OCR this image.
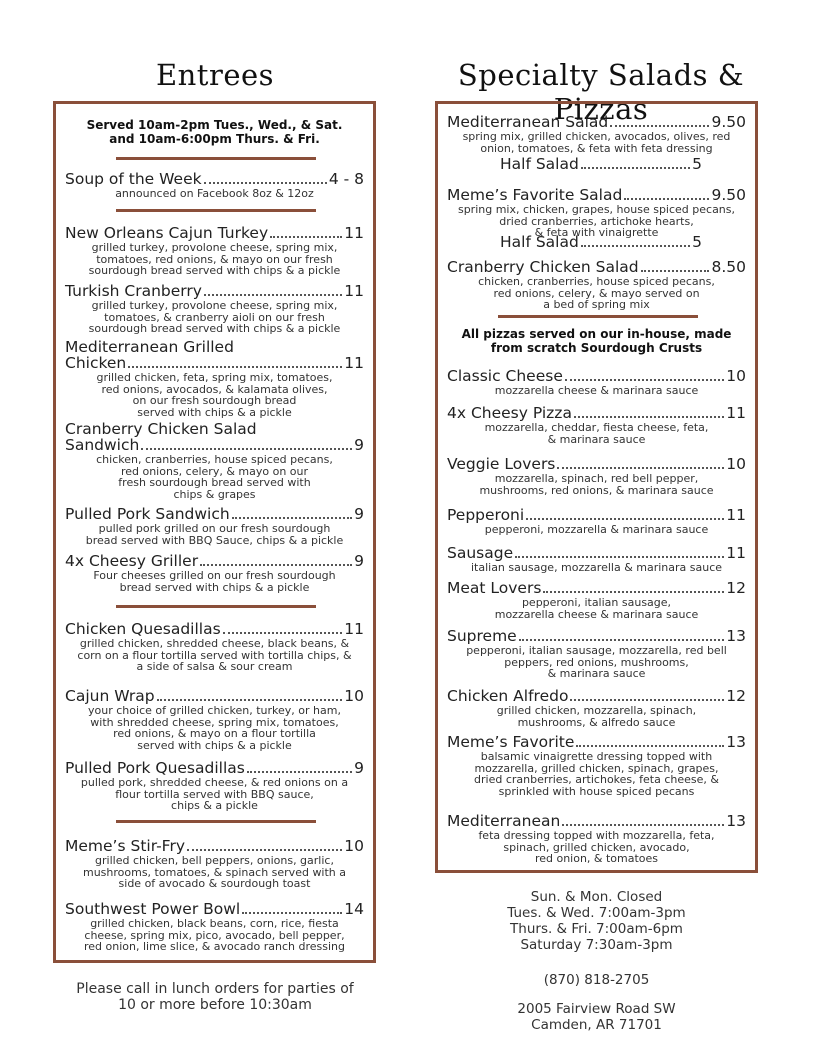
Entrees
Served 10am-2pm Tues., Wed., & Sat.
and 10am-6:00pm Thurs. & Fri.
Soup of the Week	4 - 8
announced on Facebook 8oz & 12oz
New Orleans Cajun Turkey	11
grilled turkey, provolone cheese, spring mix,
tomatoes, red onions, & mayo on our fresh
sourdough bread served with chips & a pickle
Turkish Cranberry	11
grilled turkey, provolone cheese, spring mix,
tomatoes, & cranberry aioli on our fresh
sourdough bread served with chips & a pickle
Mediterranean Grilled
Chicken	11
grilled chicken, feta, spring mix, tomatoes,
red onions, avocados, & kalamata olives,
on our fresh sourdough bread
served with chips & a pickle
Cranberry Chicken Salad
Sandwich	9
chicken, cranberries, house spiced pecans,
red onions, celery, & mayo on our
fresh sourdough bread served with
chips & grapes
Pulled Pork Sandwich	9
pulled pork grilled on our fresh sourdough
bread served with BBQ Sauce, chips & a pickle
4x Cheesy Griller	9
Four cheeses grilled on our fresh sourdough
bread served with chips & a pickle
Chicken Quesadillas	11
grilled chicken, shredded cheese, black beans, &
corn on a flour tortilla served with tortilla chips, &
a side of salsa & sour cream
Cajun Wrap	10
your choice of grilled chicken, turkey, or ham,
with shredded cheese, spring mix, tomatoes,
red onions, & mayo on a flour tortilla
served with chips & a pickle
Pulled Pork Quesadillas	9
pulled pork, shredded cheese, & red onions on a
flour tortilla served with BBQ sauce,
chips & a pickle
Meme’s Stir-Fry	10
grilled chicken, bell peppers, onions, garlic,
mushrooms, tomatoes, & spinach served with a
side of avocado & sourdough toast
Southwest Power Bowl	14
grilled chicken, black beans, corn, rice, fiesta
cheese, spring mix, pico, avocado, bell pepper,
red onion, lime slice, & avocado ranch dressing
Please call in lunch orders for parties of
10 or more before 10:30am
Specialty Salads & Pizzas
Mediterranean Salad	9.50
spring mix, grilled chicken, avocados, olives, red
onion, tomatoes, & feta with feta dressing
Half Salad	5
Meme’s Favorite Salad	9.50
spring mix, chicken, grapes, house spiced pecans,
dried cranberries, artichoke hearts,
& feta with vinaigrette
Half Salad	5
Cranberry Chicken Salad	8.50
chicken, cranberries, house spiced pecans,
red onions, celery, & mayo served on
a bed of spring mix
All pizzas served on our in-house, made
from scratch Sourdough Crusts
Classic Cheese	10
mozzarella cheese & marinara sauce
4x Cheesy Pizza	11
mozzarella, cheddar, fiesta cheese, feta,
& marinara sauce
Veggie Lovers	10
mozzarella, spinach, red bell pepper,
mushrooms, red onions, & marinara sauce
Pepperoni	11
pepperoni, mozzarella & marinara sauce
Sausage	11
italian sausage, mozzarella & marinara sauce
Meat Lovers	12
pepperoni, italian sausage,
mozzarella cheese & marinara sauce
Supreme	13
pepperoni, italian sausage, mozzarella, red bell
peppers, red onions, mushrooms,
& marinara sauce
Chicken Alfredo	12
grilled chicken, mozzarella, spinach,
mushrooms, & alfredo sauce
Meme’s Favorite	13
balsamic vinaigrette dressing topped with
mozzarella, grilled chicken, spinach, grapes,
dried cranberries, artichokes, feta cheese, &
sprinkled with house spiced pecans
Mediterranean	13
feta dressing topped with mozzarella, feta,
spinach, grilled chicken, avocado,
red onion, & tomatoes
Sun. & Mon. Closed
Tues. & Wed. 7:00am-3pm
Thurs. & Fri. 7:00am-6pm
Saturday 7:30am-3pm
(870) 818-2705
2005 Fairview Road SW
Camden, AR 71701
